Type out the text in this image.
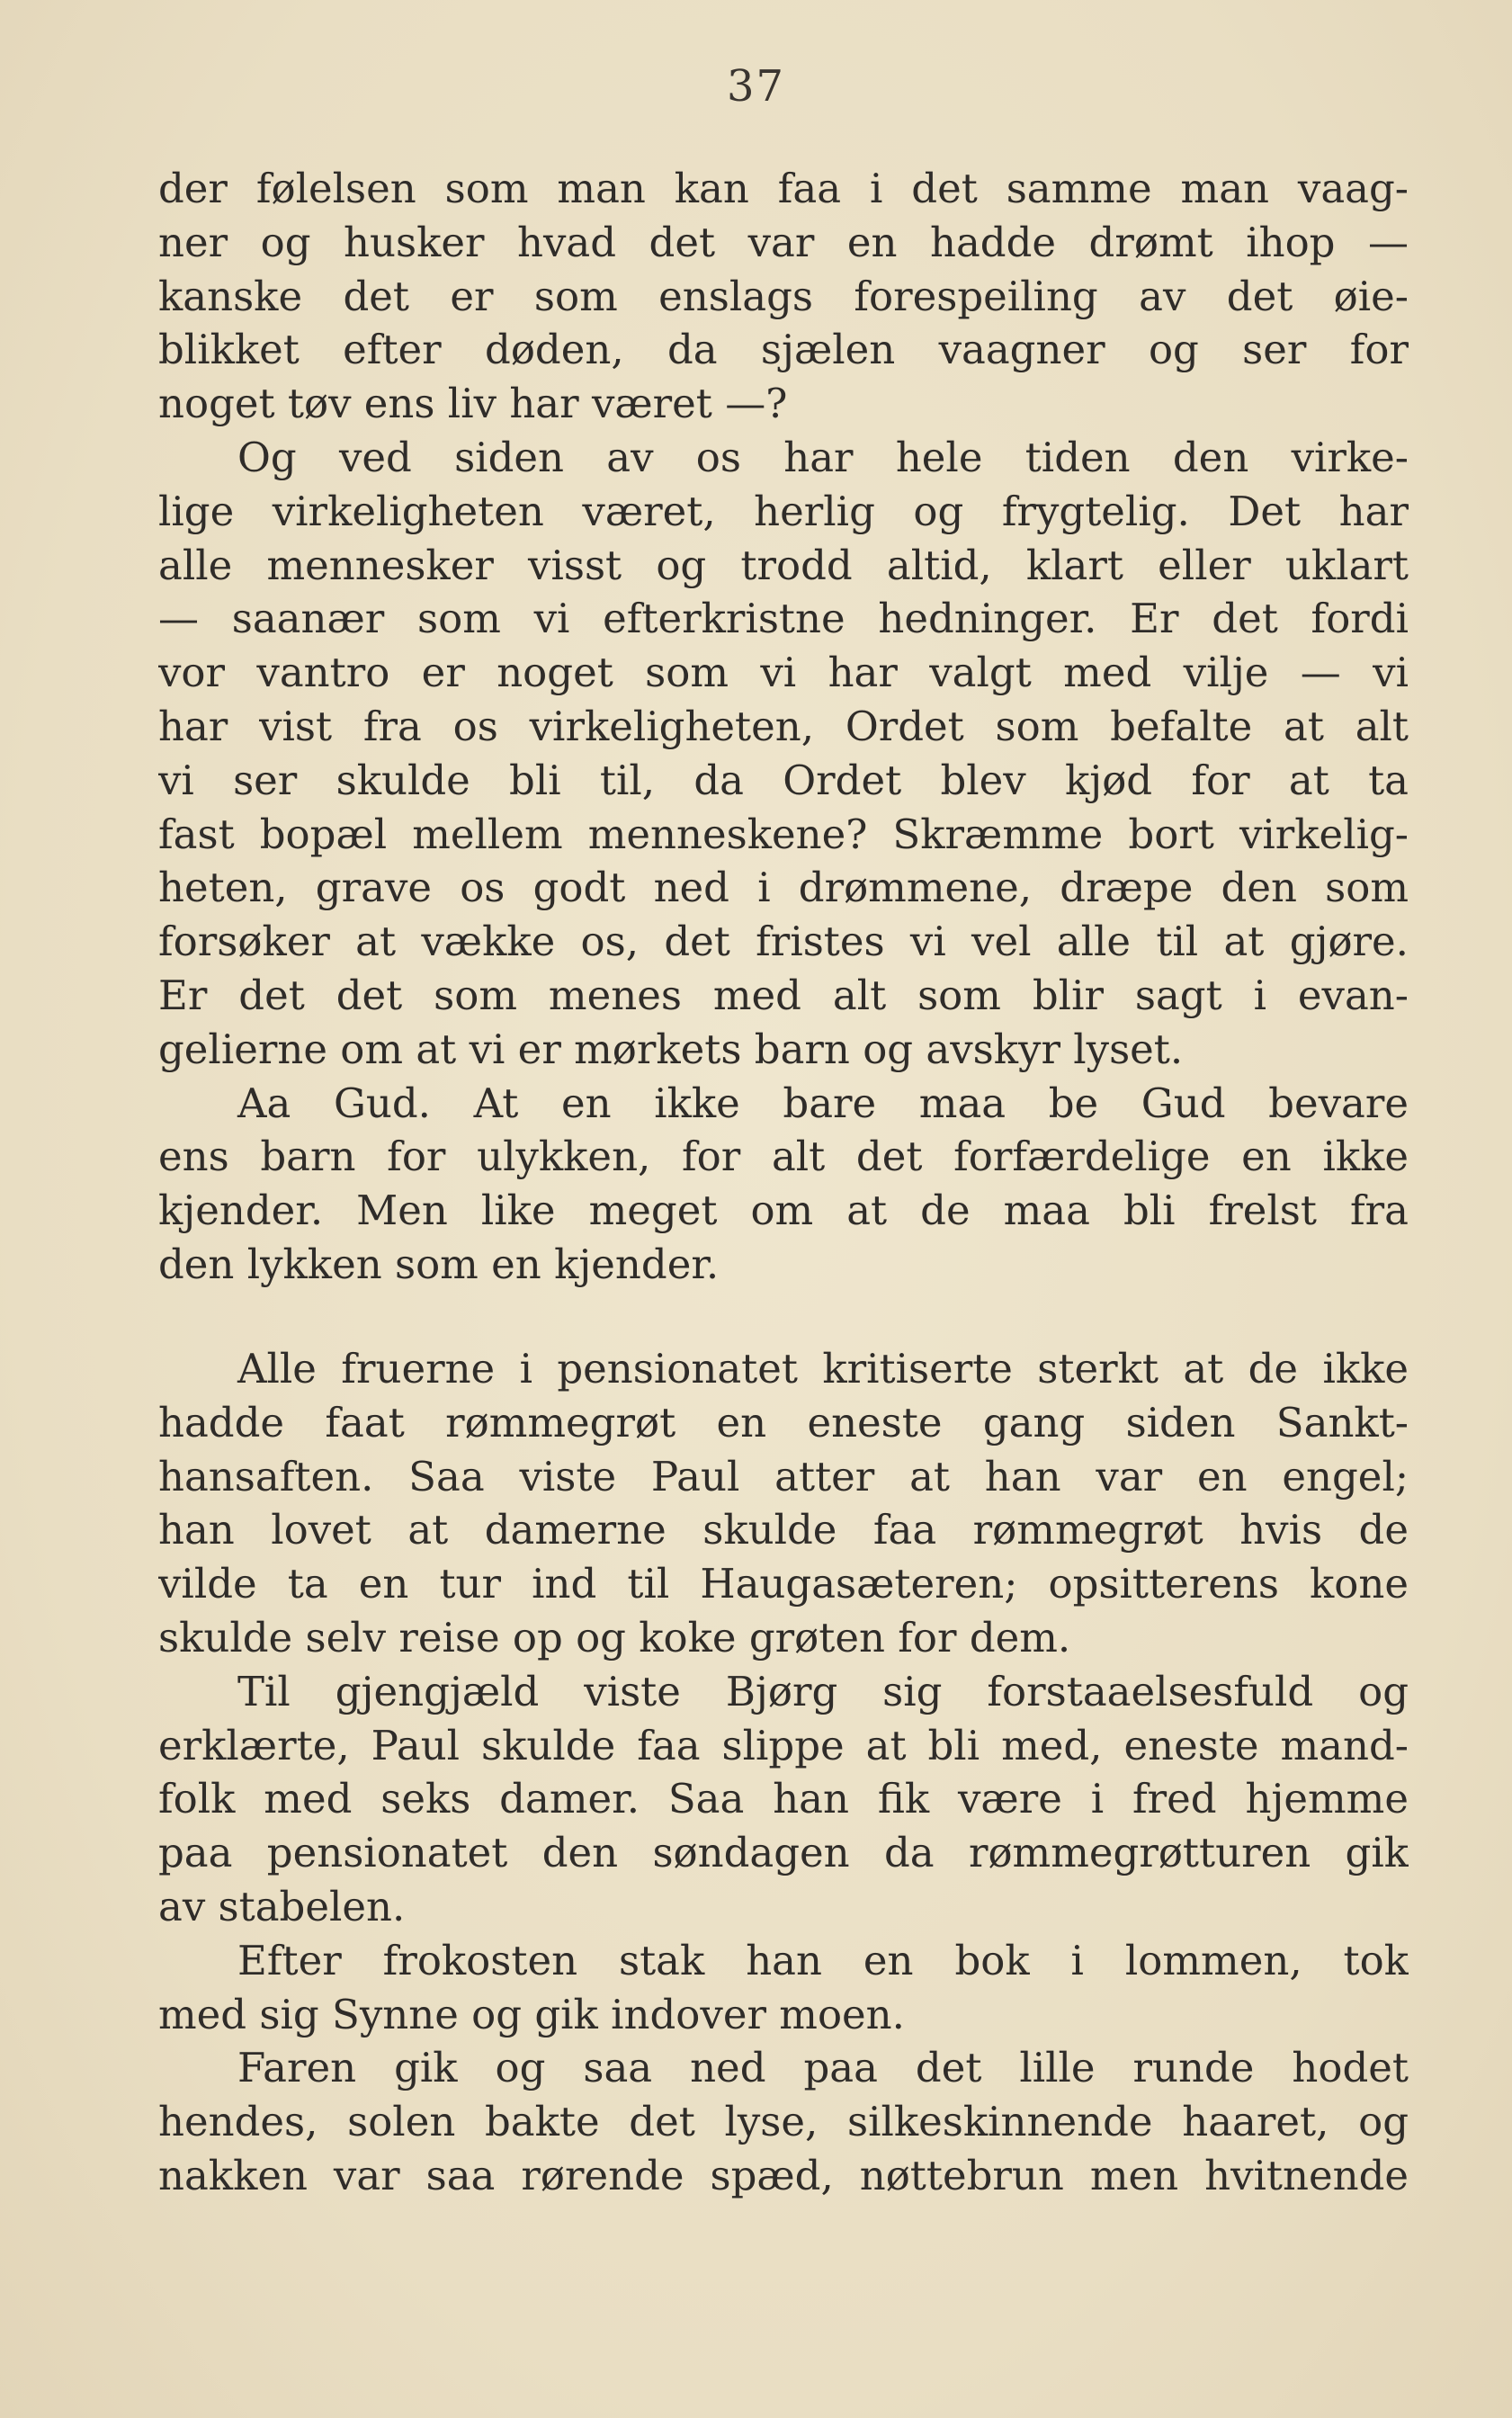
37
der følelsen som man kan faa i det samme man vaag-
ner og husker hvad det var en hadde drømt ihop —
kanske det er som enslags forespeiling av det øie-
blikket efter døden, da sjælen vaagner og ser for
noget tøv ens liv har været —?
Og ved siden av os har hele tiden den virke-
lige virkeligheten været, herlig og frygtelig. Det har
alle mennesker visst og trodd altid, klart eller uklart
— saanær som vi efterkristne hedninger. Er det fordi
vor vantro er noget som vi har valgt med vilje — vi
har vist fra os virkeligheten, Ordet som befalte at alt
vi ser skulde bli til, da Ordet blev kjød for at ta
fast bopæl mellem menneskene? Skræmme bort virkelig-
heten, grave os godt ned i drømmene, dræpe den som
forsøker at vække os, det fristes vi vel alle til at gjøre.
Er det det som menes med alt som blir sagt i evan-
gelierne om at vi er mørkets barn og avskyr lyset.
Aa Gud. At en ikke bare maa be Gud bevare
ens barn for ulykken, for alt det forfærdelige en ikke
kjender. Men like meget om at de maa bli frelst fra
den lykken som en kjender.
Alle fruerne i pensionatet kritiserte sterkt at de ikke
hadde faat rømmegrøt en eneste gang siden Sankt-
hansaften. Saa viste Paul atter at han var en engel;
han lovet at damerne skulde faa rømmegrøt hvis de
vilde ta en tur ind til Haugasæteren; opsitterens kone
skulde selv reise op og koke grøten for dem.
Til gjengjæld viste Bjørg sig forstaaelsesfuld og
erklærte, Paul skulde faa slippe at bli med, eneste mand-
folk med seks damer. Saa han fik være i fred hjemme
paa pensionatet den søndagen da rømmegrøtturen gik
av stabelen.
Efter frokosten stak han en bok i lommen, tok
med sig Synne og gik indover moen.
Faren gik og saa ned paa det lille runde hodet
hendes, solen bakte det lyse, silkeskinnende haaret, og
nakken var saa rørende spæd, nøttebrun men hvitnende
